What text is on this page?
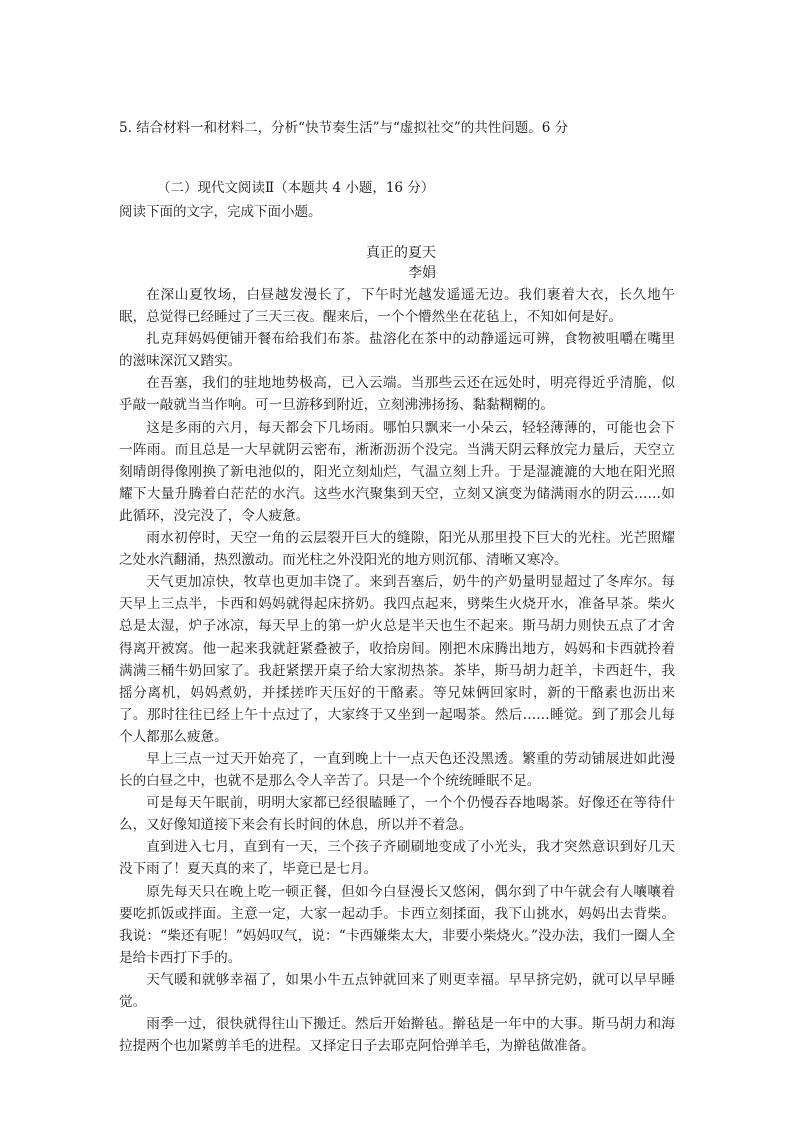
5. 结合材料一和材料二，分析“快节奏生活”与“虚拟社交”的共性问题。6 分
（二）现代文阅读Ⅱ（本题共 4 小题，16 分）
阅读下面的文字，完成下面小题。
真正的夏天
李娟

在深山夏牧场，白昼越发漫长了，下午时光越发遥遥无边。我们裹着大衣，长久地午眠，总觉得已经睡过了三天三夜。醒来后，一个个懵然坐在花毡上，不知如何是好。

扎克拜妈妈便铺开餐布给我们布茶。盐溶化在茶中的动静遥远可辨，食物被咀嚼在嘴里的滋味深沉又踏实。

在吾塞，我们的驻地地势极高，已入云端。当那些云还在远处时，明亮得近乎清脆，似乎敲一敲就当当作响。可一旦游移到附近，立刻沸沸扬扬、黏黏糊糊的。

这是多雨的六月，每天都会下几场雨。哪怕只飘来一小朵云，轻轻薄薄的，可能也会下一阵雨。而且总是一大早就阴云密布，淅淅沥沥个没完。当满天阴云释放完力量后，天空立刻晴朗得像刚换了新电池似的，阳光立刻灿烂，气温立刻上升。于是湿漉漉的大地在阳光照耀下大量升腾着白茫茫的水汽。这些水汽聚集到天空，立刻又演变为储满雨水的阴云……如此循环，没完没了，令人疲惫。

雨水初停时，天空一角的云层裂开巨大的缝隙，阳光从那里投下巨大的光柱。光芒照耀之处水汽翻涌，热烈激动。而光柱之外没阳光的地方则沉郁、清晰又寒冷。

天气更加凉快，牧草也更加丰饶了。来到吾塞后，奶牛的产奶量明显超过了冬库尔。每天早上三点半，卡西和妈妈就得起床挤奶。我四点起来，劈柴生火烧开水，准备早茶。柴火总是太湿，炉子冰凉，每天早上的第一炉火总是半天也生不起来。斯马胡力则快五点了才舍得离开被窝。他一起来我就赶紧叠被子，收拾房间。刚把木床腾出地方，妈妈和卡西就拎着满满三桶牛奶回家了。我赶紧摆开桌子给大家沏热茶。茶毕，斯马胡力赶羊，卡西赶牛，我摇分离机，妈妈煮奶，并揉搓昨天压好的干酪素。等兄妹俩回家时，新的干酪素也沥出来了。那时往往已经上午十点过了，大家终于又坐到一起喝茶。然后……睡觉。到了那会儿每个人都那么疲惫。

早上三点一过天开始亮了，一直到晚上十一点天色还没黑透。繁重的劳动铺展进如此漫长的白昼之中，也就不是那么令人辛苦了。只是一个个统统睡眠不足。

可是每天午眠前，明明大家都已经很瞌睡了，一个个仍慢吞吞地喝茶。好像还在等待什么，又好像知道接下来会有长时间的休息，所以并不着急。

直到进入七月，直到有一天，三个孩子齐刷刷地变成了小光头，我才突然意识到好几天没下雨了！夏天真的来了，毕竟已是七月。

原先每天只在晚上吃一顿正餐，但如今白昼漫长又悠闲，偶尔到了中午就会有人嚷嚷着要吃抓饭或拌面。主意一定，大家一起动手。卡西立刻揉面，我下山挑水，妈妈出去背柴。我说：“柴还有呢！”妈妈叹气，说：“卡西嫌柴太大，非要小柴烧火。”没办法，我们一圈人全是给卡西打下手的。

天气暖和就够幸福了，如果小牛五点钟就回来了则更幸福。早早挤完奶，就可以早早睡觉。

雨季一过，很快就得往山下搬迁。然后开始擀毡。擀毡是一年中的大事。斯马胡力和海拉提两个也加紧剪羊毛的进程。又择定日子去耶克阿恰弹羊毛，为擀毡做准备。
